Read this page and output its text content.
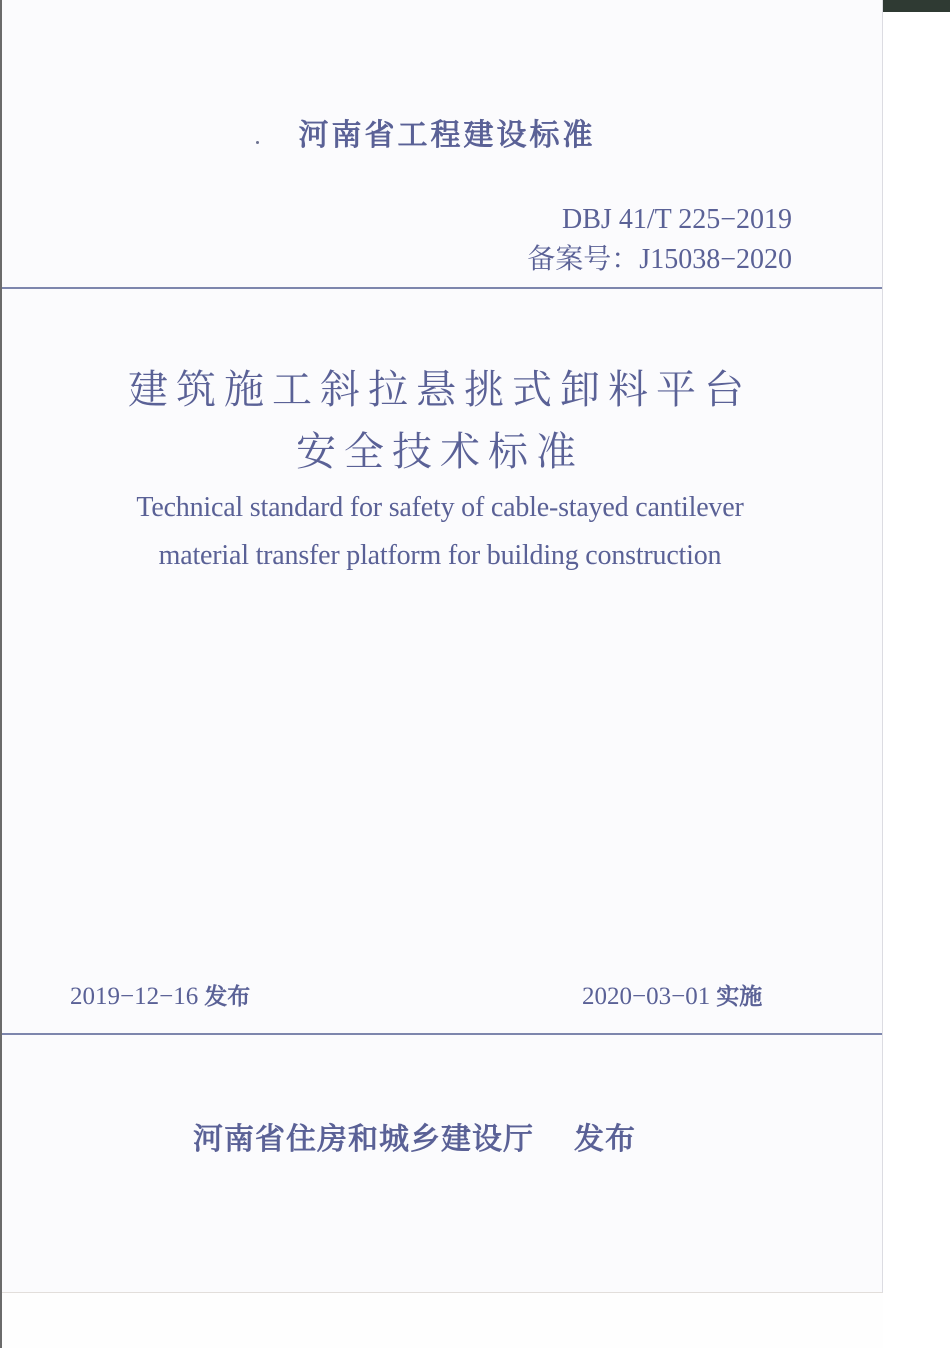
河南省工程建设标准
DBJ 41/T 225−2019
备案号：J15038−2020
建筑施工斜拉悬挑式卸料平台
安全技术标准
Technical standard for safety of cable-stayed cantilever
material transfer platform for building construction
2019−12−16 发布	2020−03−01 实施
河南省住房和城乡建设厅 发布
